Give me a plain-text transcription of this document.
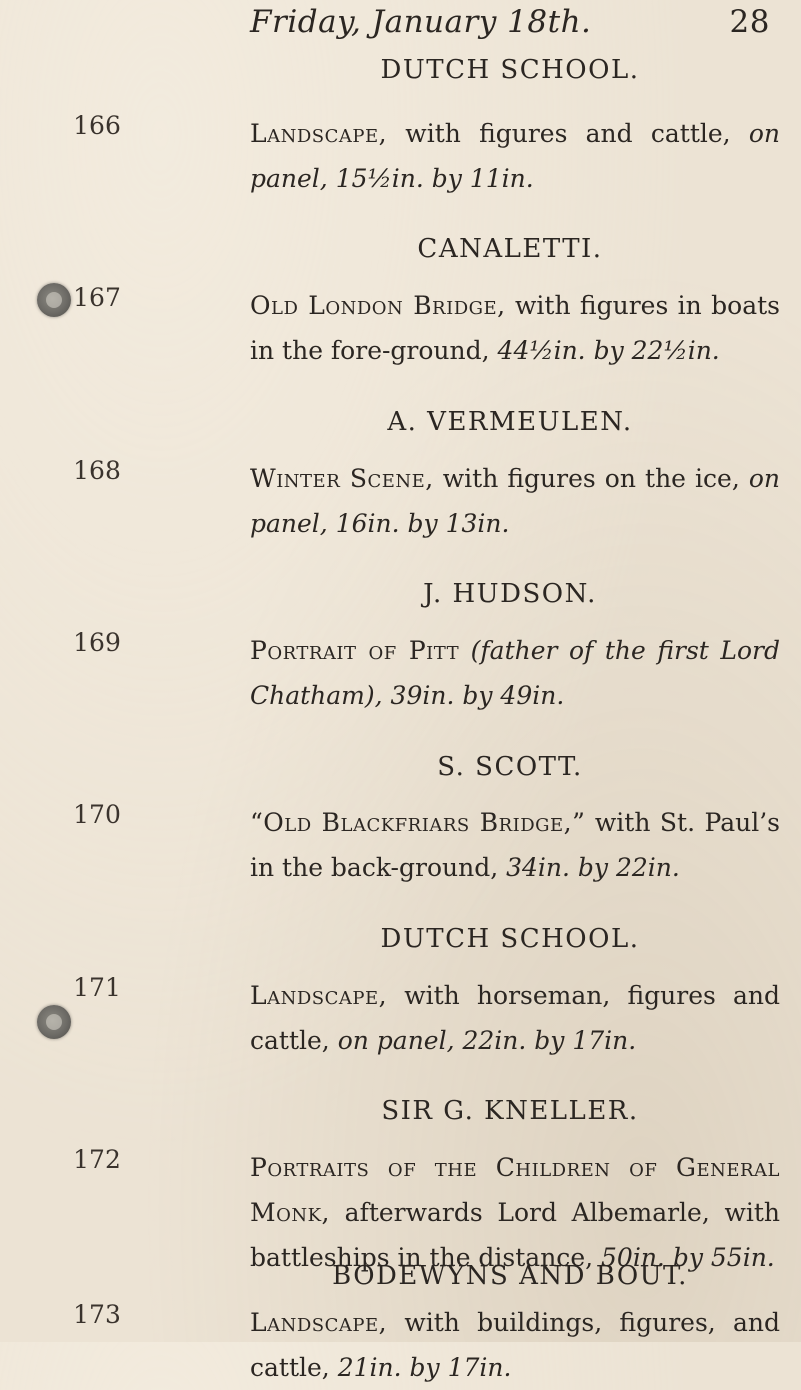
Friday, January 18th.	28
DUTCH SCHOOL.
166	Landscape, with figures and cattle, on panel, 15½in. by 11in.
CANALETTI.
167	Old London Bridge, with figures in boats in the fore-ground, 44½in. by 22½in.
A. VERMEULEN.
168	Winter Scene, with figures on the ice, on panel, 16in. by 13in.
J. HUDSON.
169	Portrait of Pitt (father of the first Lord Chatham), 39in. by 49in.
S. SCOTT.
170	“Old Blackfriars Bridge,” with St. Paul’s in the back-ground, 34in. by 22in.
DUTCH SCHOOL.
171	Landscape, with horseman, figures and cattle, on panel, 22in. by 17in.
SIR G. KNELLER.
172	Portraits of the Children of General Monk, afterwards Lord Albemarle, with battleships in the distance, 50in. by 55in.
BODEWYNS AND BOUT.
173	Landscape, with buildings, figures, and cattle, 21in. by 17in.
